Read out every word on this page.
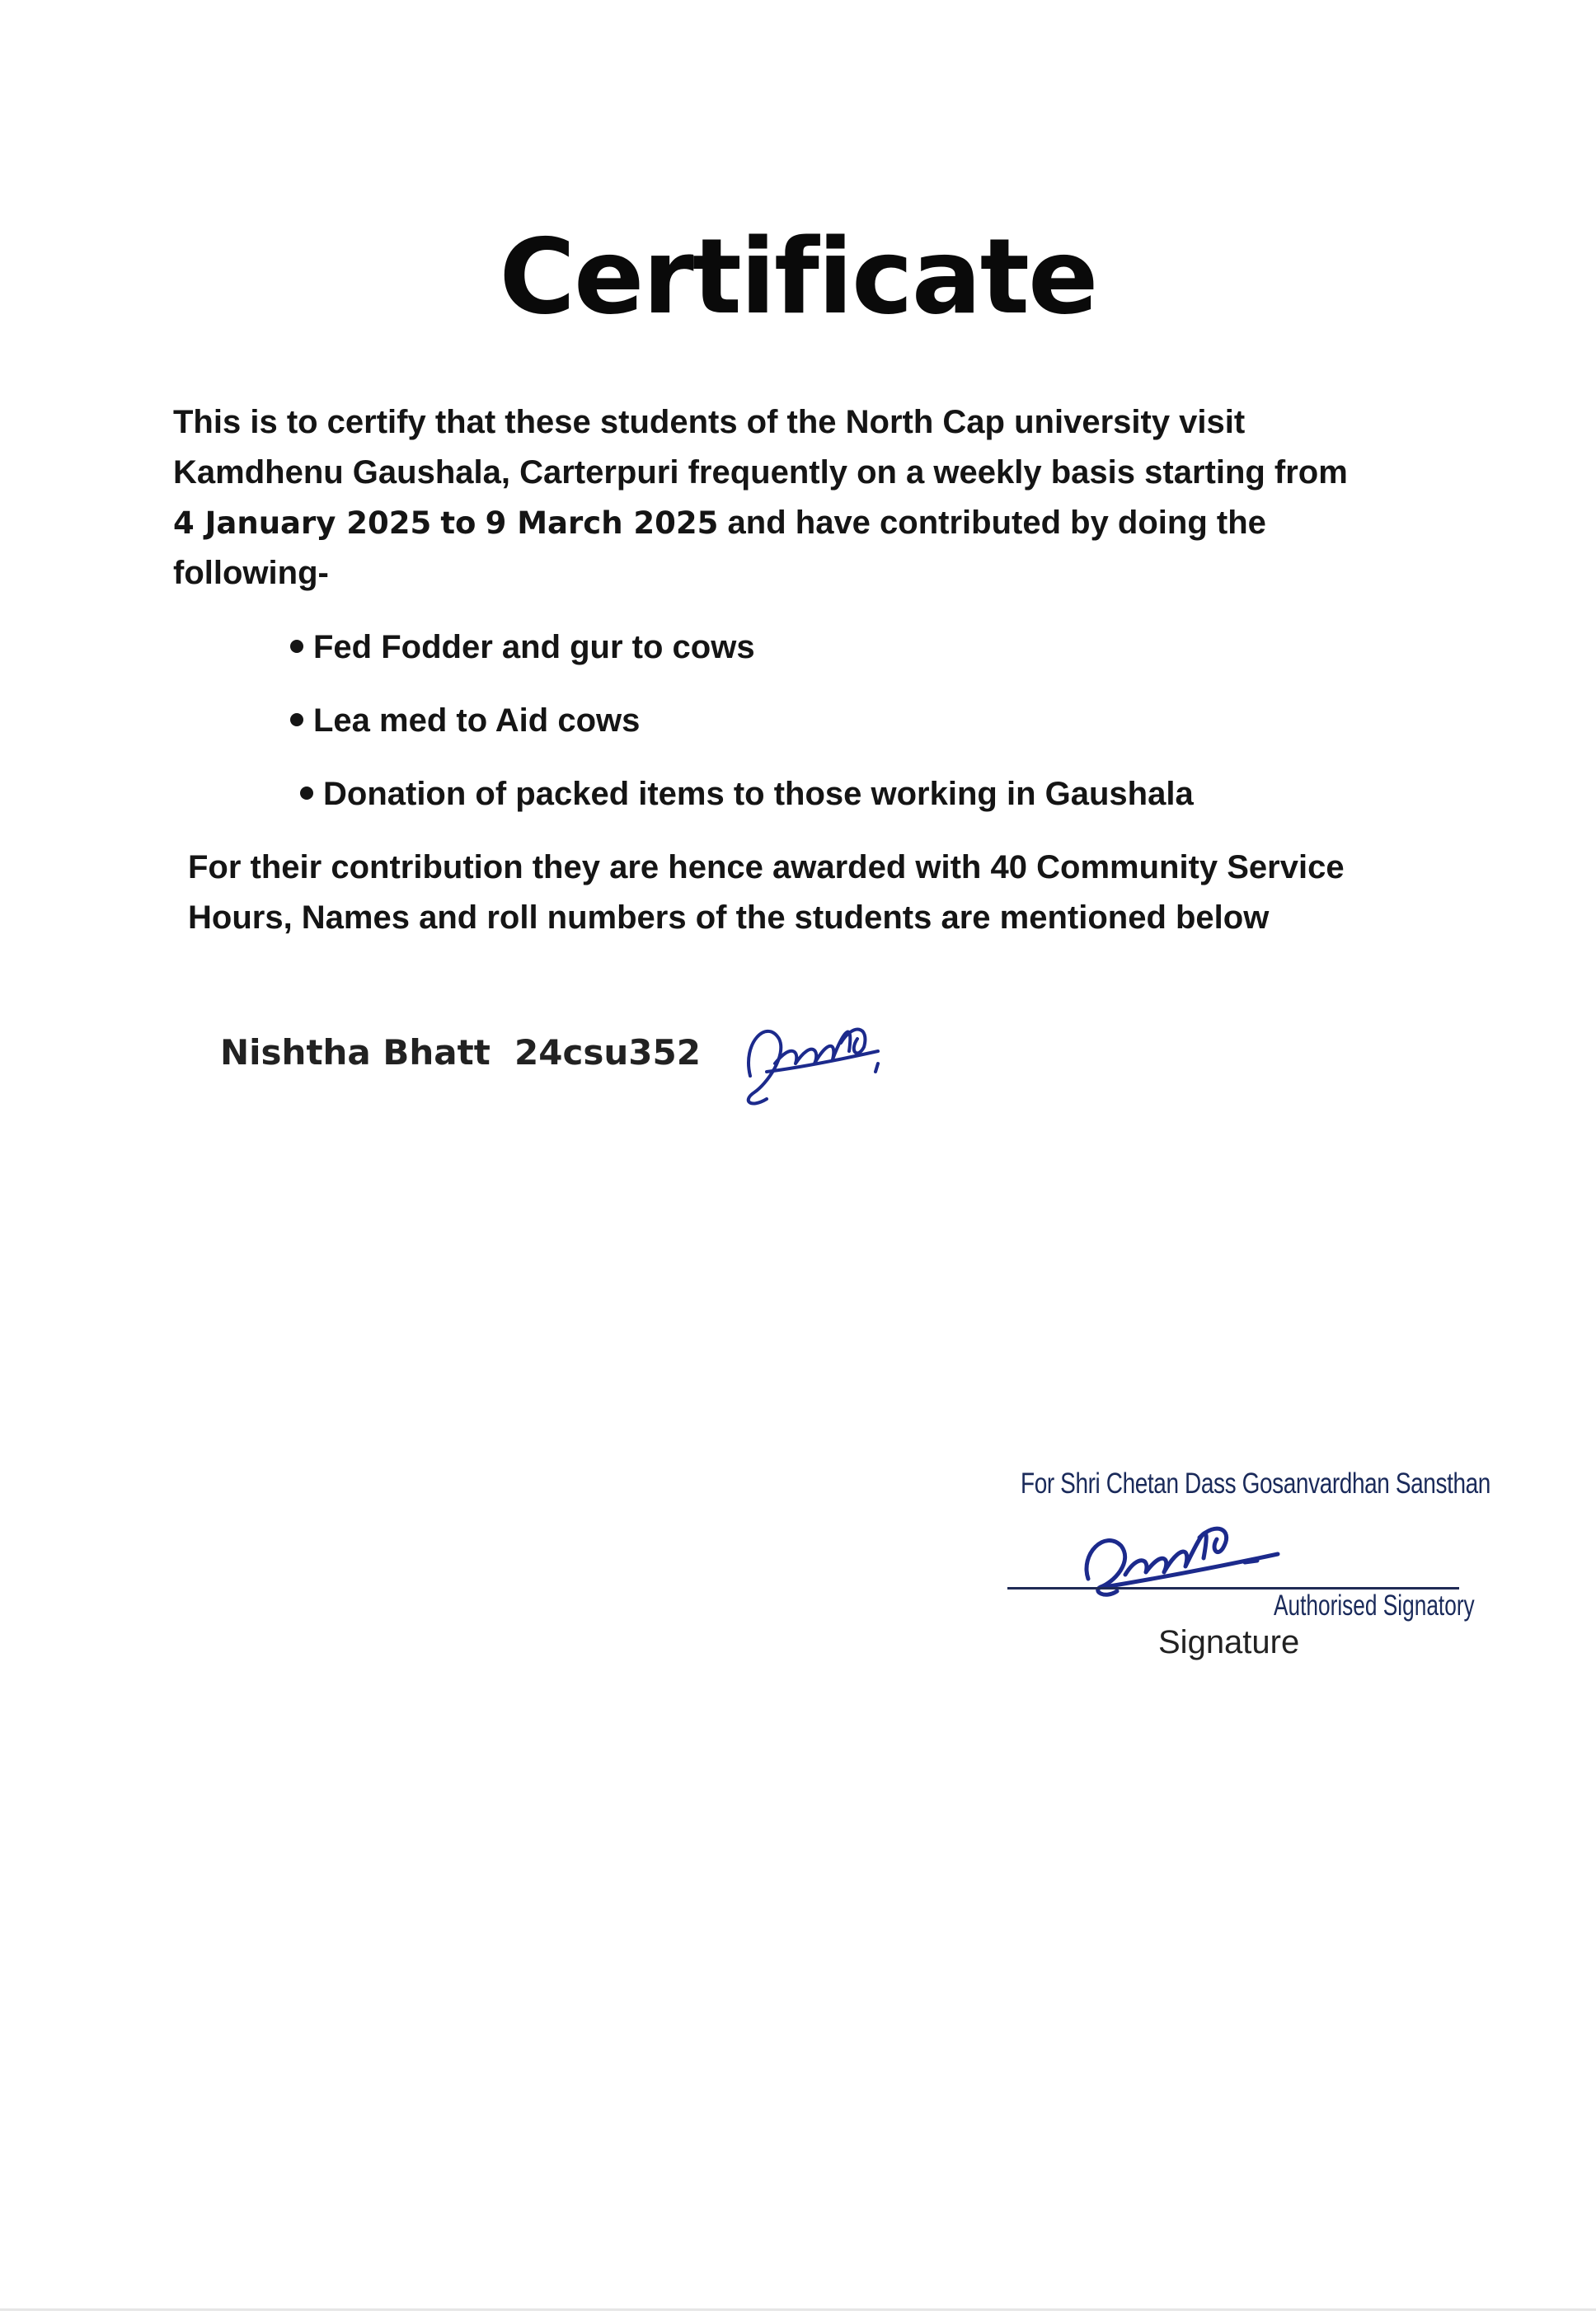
Certificate
This is to certify that these students of the North Cap university visit
Kamdhenu Gaushala, Carterpuri frequently on a weekly basis starting from
4 January 2025 to 9 March 2025 and have contributed by doing the
following-
Fed Fodder and gur to cows
Lea med to Aid cows
Donation of packed items to those working in Gaushala
For their contribution they are hence awarded with 40 Community Service
Hours, Names and roll numbers of the students are mentioned below
Nishtha Bhatt 24csu352
For Shri Chetan Dass Gosanvardhan Sansthan
Authorised Signatory
Signature
